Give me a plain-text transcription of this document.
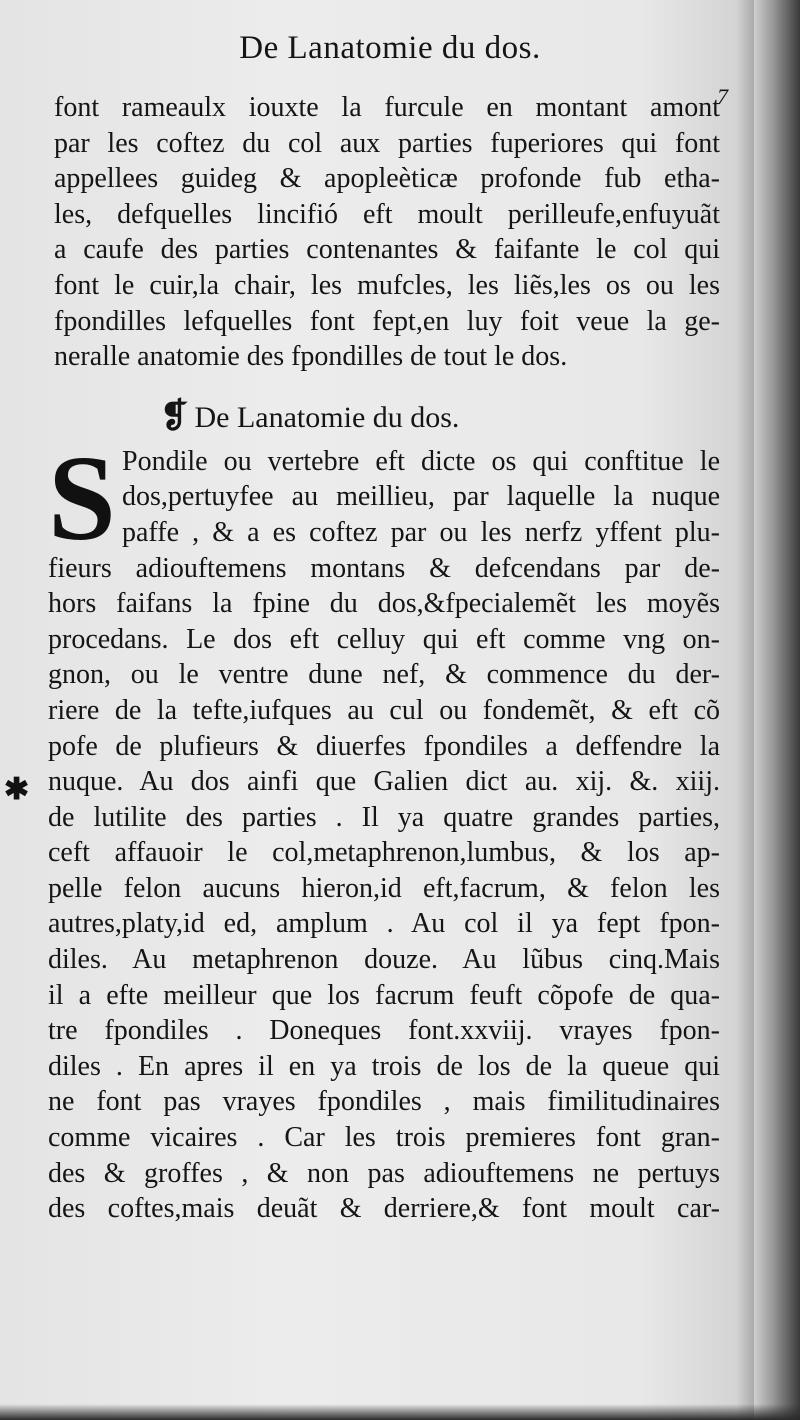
De Lanatomie du dos.
7

font rameaulx iouxte la furcule en montant amont

par les coftez du col aux parties fuperiores qui font

appellees guideg & apopleѐticæ profonde fub etha-

les, defquelles lincifió eft moult perilleufe,enfuyuãt

a caufe des parties contenantes & faifante le col qui

font le cuir,la chair, les mufcles, les liẽs,les os ou les

fpondilles lefquelles font fept,en luy foit veue la ge-

neralle anatomie des fpondilles de tout le dos.

❡ De Lanatomie du dos.
S Pondile ou vertebre eft dicte os qui conftitue le

dos,pertuyfee au meillieu, par laquelle la nuque

paffe , & a es coftez par ou les nerfz yffent plu-

fieurs adiouftemens montans & defcendans par de-

hors faifans la fpine du dos,&fpecialemẽt les moyẽs

procedans. Le dos eft celluy qui eft comme vng on-

gnon, ou le ventre dune nef, & commence du der-

riere de la tefte,iufques au cul ou fondemẽt, & eft cõ

pofe de plufieurs & diuerfes fpondiles a deffendre la

nuque. Au dos ainfi que Galien dict au. xij. &. xiij.

de lutilite des parties . Il ya quatre grandes parties,

ceft affauoir le col,metaphrenon,lumbus, & los ap-

pelle felon aucuns hieron,id eft,facrum, & felon les

autres,platy,id ed, amplum . Au col il ya fept fpon-

diles. Au metaphrenon douze. Au lũbus cinq.Mais

il a efte meilleur que los facrum feuft cõpofe de qua-

tre fpondiles . Doneques font.xxviij. vrayes fpon-

diles . En apres il en ya trois de los de la queue qui

ne font pas vrayes fpondiles , mais fimilitudinaires

comme vicaires . Car les trois premieres font gran-

des & groffes , & non pas adiouftemens ne pertuys

des coftes,mais deuãt & derriere,& font moult car-

✱
